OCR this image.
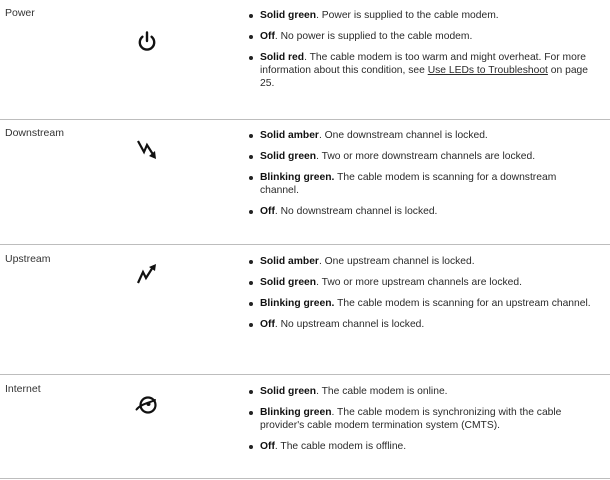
Power	Solid green. Power is supplied to the cable modem.
Off. No power is supplied to the cable modem.
Solid red. The cable modem is too warm and might overheat. For more information about this condition, see Use LEDs to Troubleshoot on page 25.
Downstream	Solid amber. One downstream channel is locked.
Solid green. Two or more downstream channels are locked.
Blinking green. The cable modem is scanning for a downstream channel.
Off. No downstream channel is locked.
Upstream	Solid amber. One upstream channel is locked.
Solid green. Two or more upstream channels are locked.
Blinking green. The cable modem is scanning for an upstream channel.
Off. No upstream channel is locked.
Internet	Solid green. The cable modem is online.
Blinking green. The cable modem is synchronizing with the cable provider's cable modem termination system (CMTS).
Off. The cable modem is offline.
